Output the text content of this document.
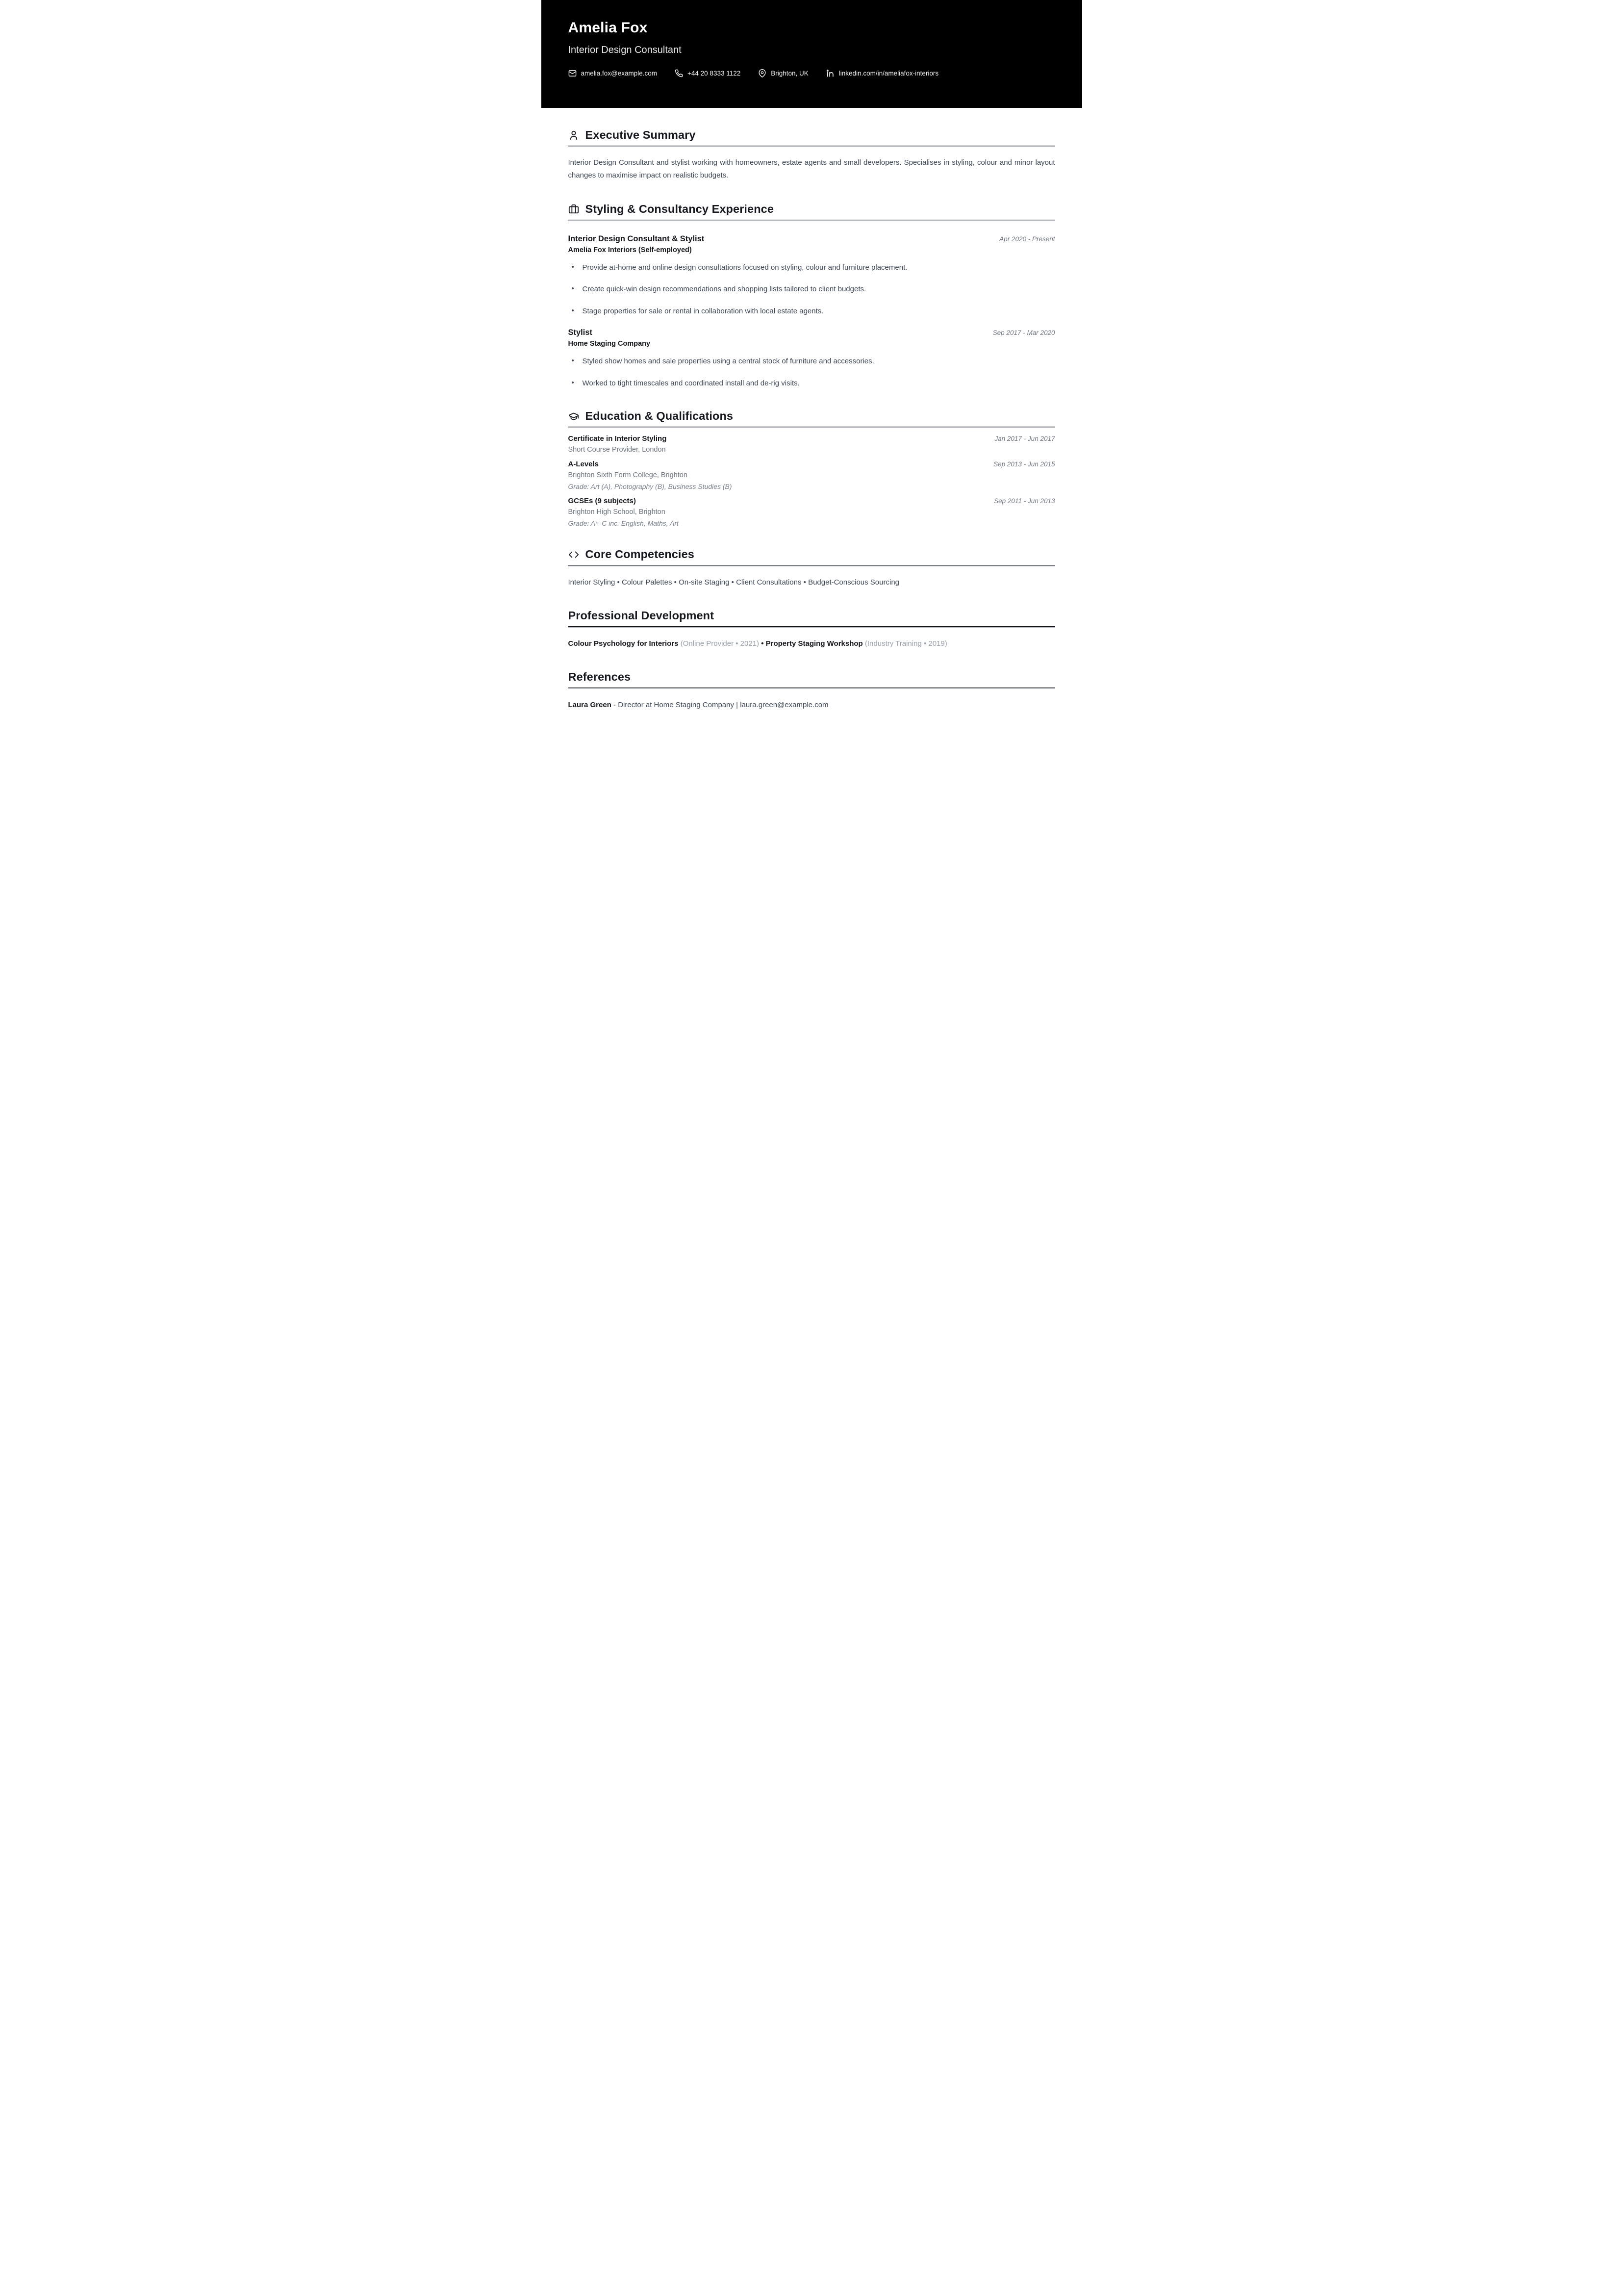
Amelia Fox
Interior Design Consultant
amelia.fox@example.com	+44 20 8333 1122	Brighton, UK	linkedin.com/in/ameliafox-interiors
Executive Summary

Interior Design Consultant and stylist working with homeowners, estate agents and small developers. Specialises in styling, colour and minor layout changes to maximise impact on realistic budgets.

Styling & Consultancy Experience
Interior Design Consultant & Stylist	Apr 2020 - Present
Amelia Fox Interiors (Self-employed)
• Provide at-home and online design consultations focused on styling, colour and furniture placement.
• Create quick-win design recommendations and shopping lists tailored to client budgets.
• Stage properties for sale or rental in collaboration with local estate agents.
Stylist	Sep 2017 - Mar 2020
Home Staging Company
• Styled show homes and sale properties using a central stock of furniture and accessories.
• Worked to tight timescales and coordinated install and de-rig visits.
Education & Qualifications
Certificate in Interior Styling	Jan 2017 - Jun 2017
Short Course Provider, London
A-Levels	Sep 2013 - Jun 2015
Brighton Sixth Form College, Brighton
Grade: Art (A), Photography (B), Business Studies (B)
GCSEs (9 subjects)	Sep 2011 - Jun 2013
Brighton High School, Brighton
Grade: A*–C inc. English, Maths, Art
Core Competencies

Interior Styling • Colour Palettes • On-site Staging • Client Consultations • Budget-Conscious Sourcing

Professional Development

Colour Psychology for Interiors (Online Provider • 2021) • Property Staging Workshop (Industry Training • 2019)

References

Laura Green - Director at Home Staging Company | laura.green@example.com
